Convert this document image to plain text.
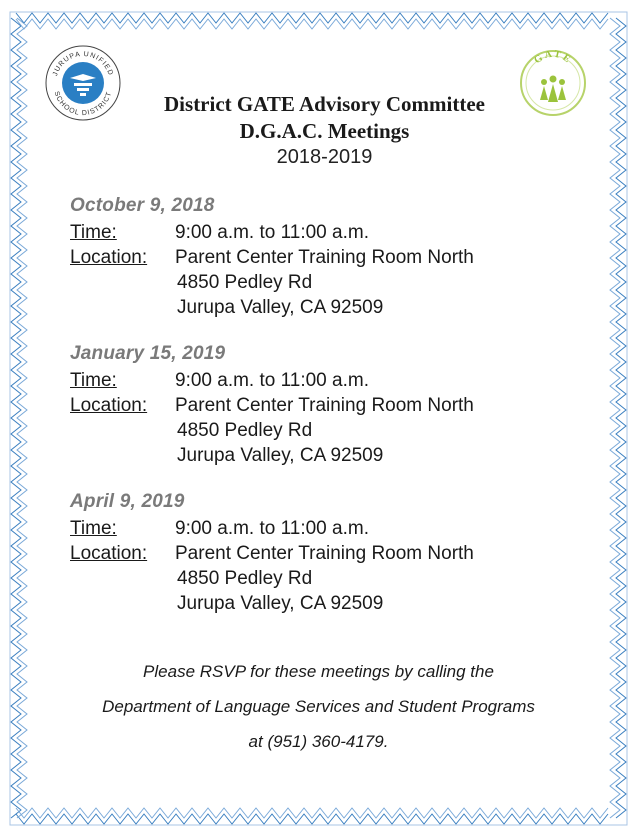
JURUPA UNIFIED
SCHOOL DISTRICT
GATE
District GATE Advisory Committee
D.G.A.C. Meetings
2018-2019
October 9, 2018
Time:	9:00 a.m. to 11:00 a.m.
Location:	Parent Center Training Room North
4850 Pedley Rd
Jurupa Valley, CA 92509
January 15, 2019
Time:	9:00 a.m. to 11:00 a.m.
Location:	Parent Center Training Room North
4850 Pedley Rd
Jurupa Valley, CA 92509
April 9, 2019
Time:	9:00 a.m. to 11:00 a.m.
Location:	Parent Center Training Room North
4850 Pedley Rd
Jurupa Valley, CA 92509
Please RSVP for these meetings by calling the
Department of Language Services and Student Programs
at (951) 360-4179.
